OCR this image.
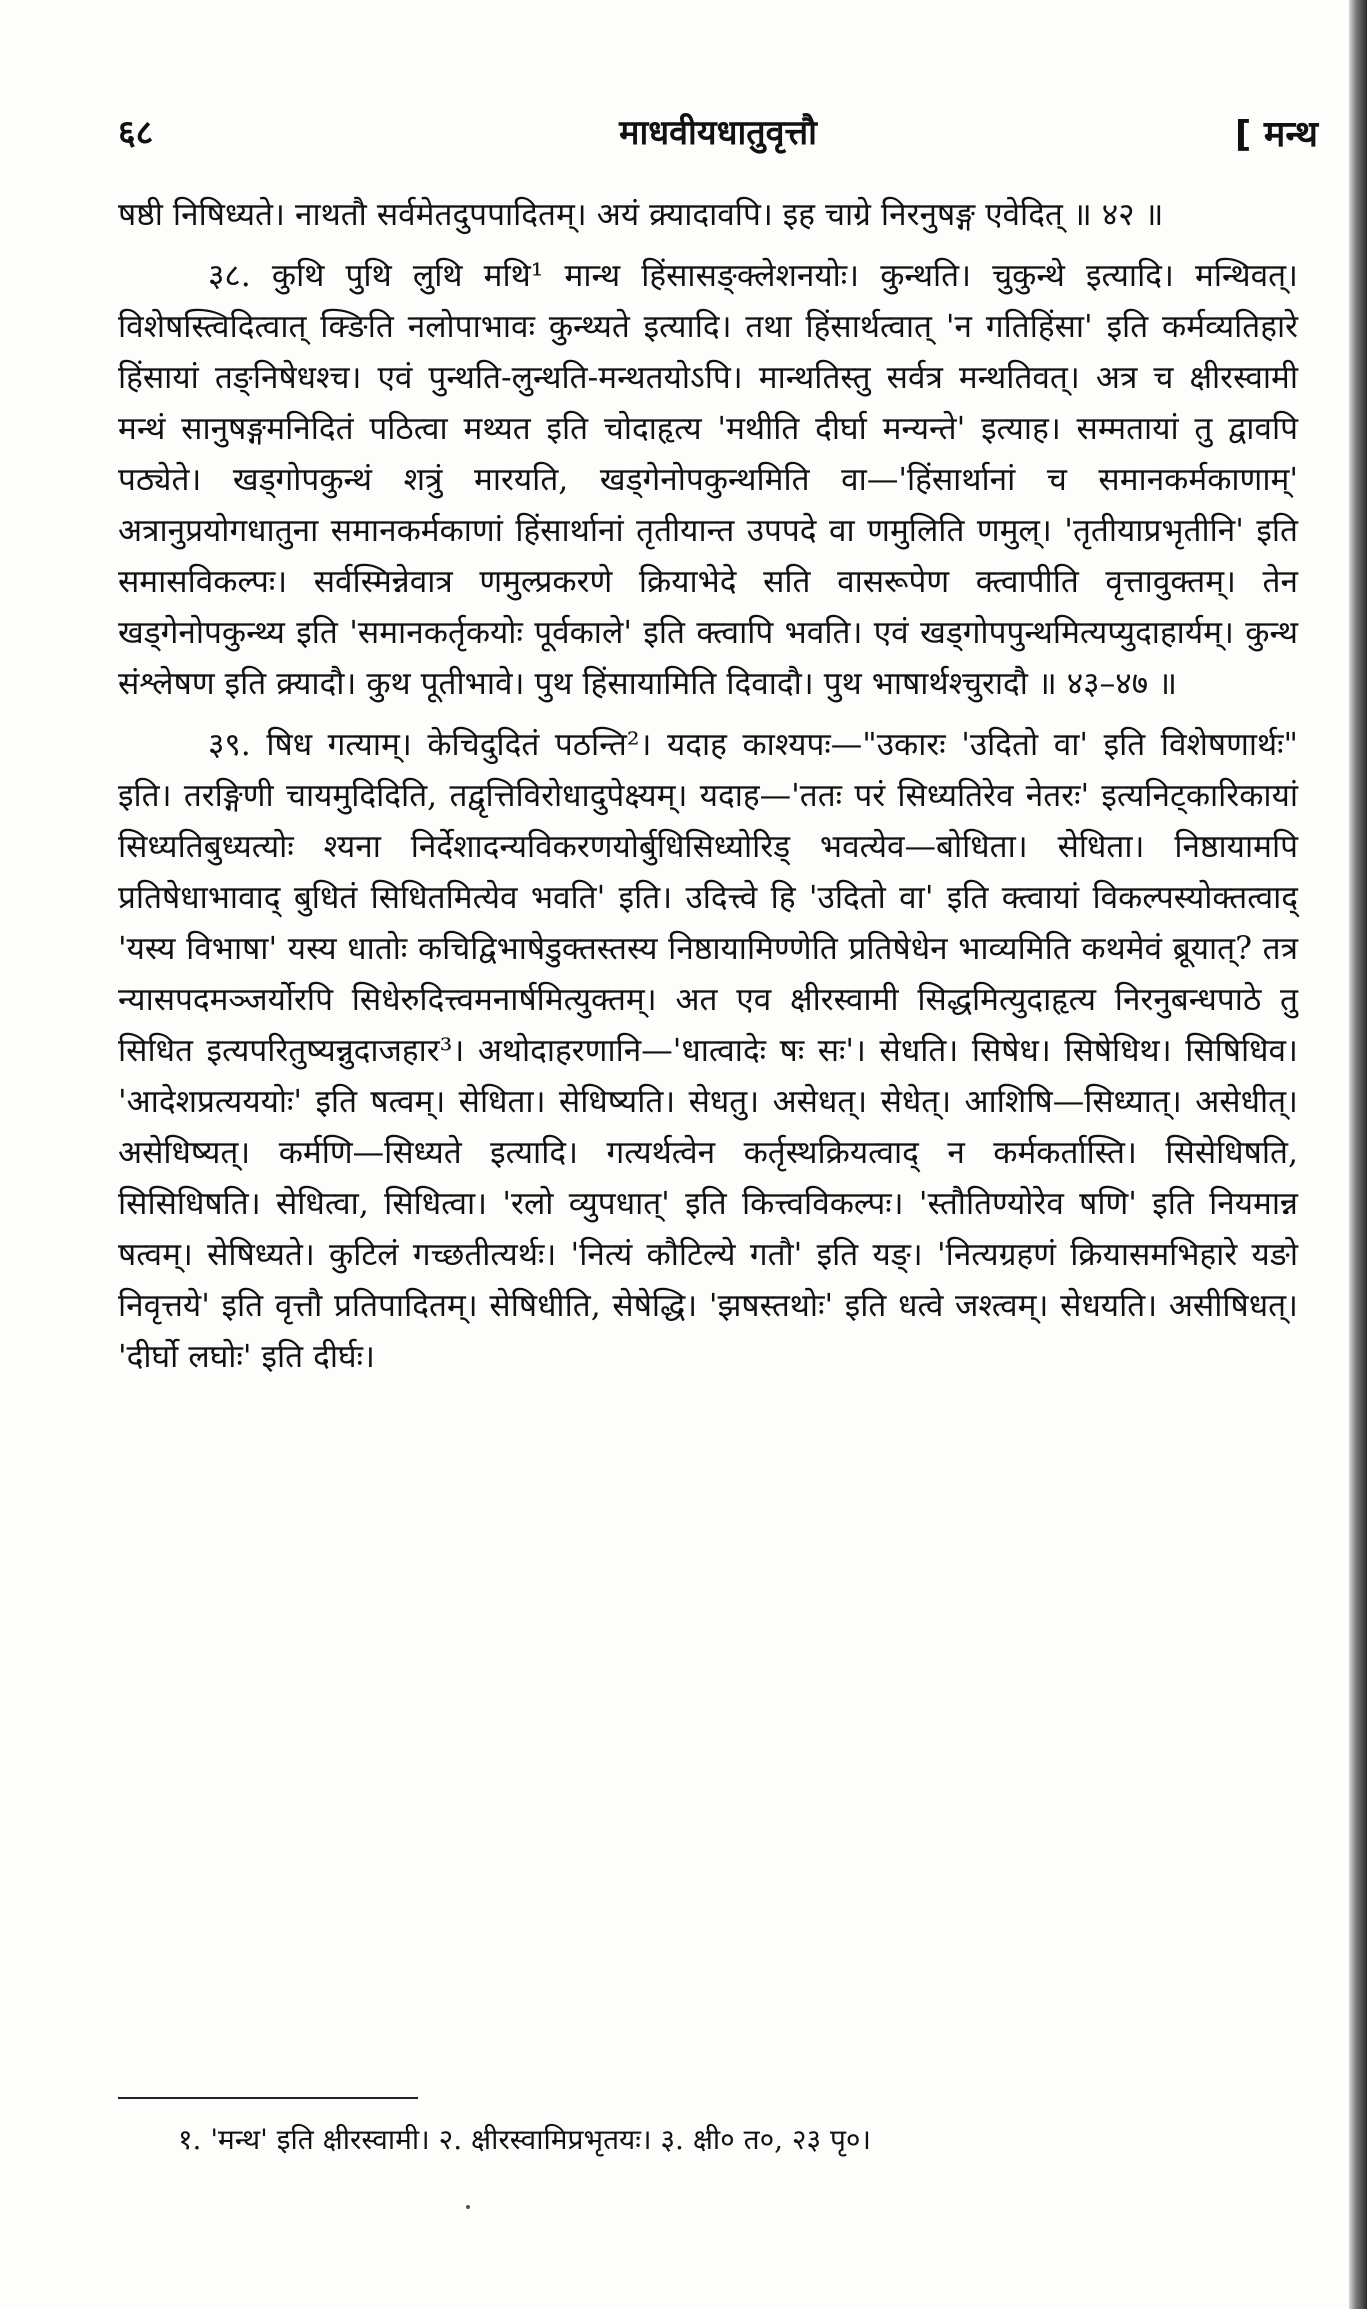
६८	माधवीयधातुवृत्तौ	[ मन्थ

षष्ठी निषिध्यते। नाथतौ सर्वमेतदुपपादितम्। अयं क्र्यादावपि। इह चाग्रे निरनुषङ्ग एवेदित् ॥ ४२ ॥

३८. कुथि पुथि लुथि मथि¹ मान्थ हिंसासङ्क्लेशनयोः। कुन्थति। चुकुन्थे इत्यादि। मन्थिवत्। विशेषस्त्विदित्वात् क्ङिति नलोपाभावः कुन्थ्यते इत्यादि। तथा हिंसार्थत्वात् 'न गतिहिंसा' इति कर्मव्यतिहारे हिंसायां तङ्निषेधश्च। एवं पुन्थति-लुन्थति-मन्थतयोऽपि। मान्थतिस्तु सर्वत्र मन्थतिवत्। अत्र च क्षीरस्वामी मन्थं सानुषङ्गमनिदितं पठित्वा मथ्यत इति चोदाहृत्य 'मथीति दीर्घा मन्यन्ते' इत्याह। सम्मतायां तु द्वावपि पठ्येते। खड्गोपकुन्थं शत्रुं मारयति, खड्गेनोपकुन्थमिति वा—'हिंसार्थानां च समानकर्मकाणाम्' अत्रानुप्रयोगधातुना समानकर्मकाणां हिंसार्थानां तृतीयान्त उपपदे वा णमुलिति णमुल्। 'तृतीयाप्रभृतीनि' इति समासविकल्पः। सर्वस्मिन्नेवात्र णमुल्प्रकरणे क्रियाभेदे सति वासरूपेण क्त्वापीति वृत्तावुक्तम्। तेन खड्गेनोपकुन्थ्य इति 'समानकर्तृकयोः पूर्वकाले' इति क्त्वापि भवति। एवं खड्गोपपुन्थमित्यप्युदाहार्यम्। कुन्थ संश्लेषण इति क्र्यादौ। कुथ पूतीभावे। पुथ हिंसायामिति दिवादौ। पुथ भाषार्थश्चुरादौ ॥ ४३–४७ ॥

३९. षिध गत्याम्। केचिदुदितं पठन्ति²। यदाह काश्यपः—"उकारः 'उदितो वा' इति विशेषणार्थः" इति। तरङ्गिणी चायमुदिदिति, तद्वृत्तिविरोधादुपेक्ष्यम्। यदाह—'ततः परं सिध्यतिरेव नेतरः' इत्यनिट्कारिकायां सिध्यतिबुध्यत्योः श्यना निर्देशादन्यविकरणयोर्बुधिसिध्योरिड् भवत्येव—बोधिता। सेधिता। निष्ठायामपि प्रतिषेधाभावाद् बुधितं सिधितमित्येव भवति' इति। उदित्त्वे हि 'उदितो वा' इति क्त्वायां विकल्पस्योक्तत्वाद् 'यस्य विभाषा' यस्य धातोः कचिद्विभाषेडुक्तस्तस्य निष्ठायामिण्णेति प्रतिषेधेन भाव्यमिति कथमेवं ब्रूयात्? तत्र न्यासपदमञ्जर्योरपि सिधेरुदित्त्वमनार्षमित्युक्तम्। अत एव क्षीरस्वामी सिद्धमित्युदाहृत्य निरनुबन्धपाठे तु सिधित इत्यपरितुष्यन्नुदाजहार³। अथोदाहरणानि—'धात्वादेः षः सः'। सेधति। सिषेध। सिषेधिथ। सिषिधिव। 'आदेशप्रत्यययोः' इति षत्वम्। सेधिता। सेधिष्यति। सेधतु। असेधत्। सेधेत्। आशिषि—सिध्यात्। असेधीत्। असेधिष्यत्। कर्मणि—सिध्यते इत्यादि। गत्यर्थत्वेन कर्तृस्थक्रियत्वाद् न कर्मकर्तास्ति। सिसेधिषति, सिसिधिषति। सेधित्वा, सिधित्वा। 'रलो व्युपधात्' इति कित्त्वविकल्पः। 'स्तौतिण्योरेव षणि' इति नियमान्न षत्वम्। सेषिध्यते। कुटिलं गच्छतीत्यर्थः। 'नित्यं कौटिल्ये गतौ' इति यङ्। 'नित्यग्रहणं क्रियासमभिहारे यङो निवृत्तये' इति वृत्तौ प्रतिपादितम्। सेषिधीति, सेषेद्धि। 'झषस्तथोः' इति धत्वे जश्त्वम्। सेधयति। असीषिधत्। 'दीर्घो लघोः' इति दीर्घः।

१. 'मन्थ' इति क्षीरस्वामी। २. क्षीरस्वामिप्रभृतयः। ३. क्षी० त०, २३ पृ०।
